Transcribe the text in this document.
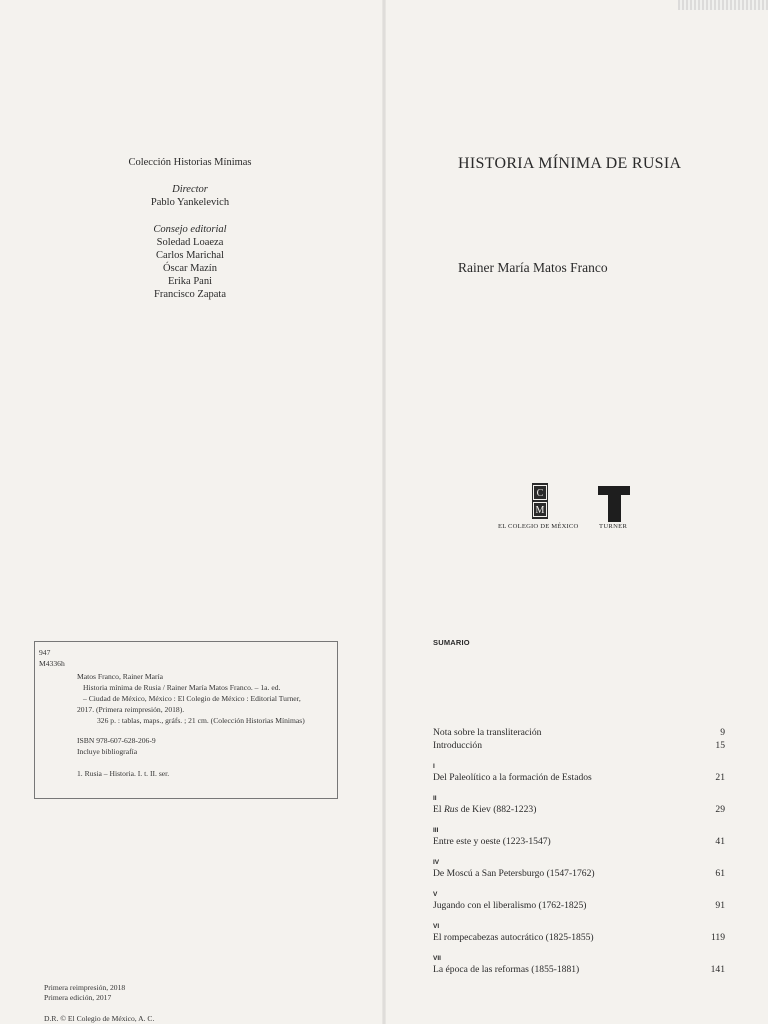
Colección Historias Mínimas
Director
Pablo Yankelevich
Consejo editorial
Soledad Loaeza
Carlos Marichal
Óscar Mazín
Erika Pani
Francisco Zapata
947
M4336h
Matos Franco, Rainer María
Historia mínima de Rusia / Rainer María Matos Franco. – 1a. ed.
– Ciudad de México, México : El Colegio de México : Editorial Turner,
2017. (Primera reimpresión, 2018).
326 p. : tablas, maps., gráfs. ; 21 cm. (Colección Historias Mínimas)
ISBN 978-607-628-206-9
Incluye bibliografía
1. Rusia – Historia. I. t. II. ser.
Primera reimpresión, 2018
Primera edición, 2017
D.R. © El Colegio de México, A. C.
HISTORIA MÍNIMA DE RUSIA
Rainer María Matos Franco
C
M
EL COLEGIO DE MÉXICO	TURNER
SUMARIO
Nota sobre la transliteración	9
Introducción	15
I
Del Paleolítico a la formación de Estados	21
II
El Rus de Kiev (882-1223)	29
III
Entre este y oeste (1223-1547)	41
IV
De Moscú a San Petersburgo (1547-1762)	61
V
Jugando con el liberalismo (1762-1825)	91
VI
El rompecabezas autocrático (1825-1855)	119
VII
La época de las reformas (1855-1881)	141
